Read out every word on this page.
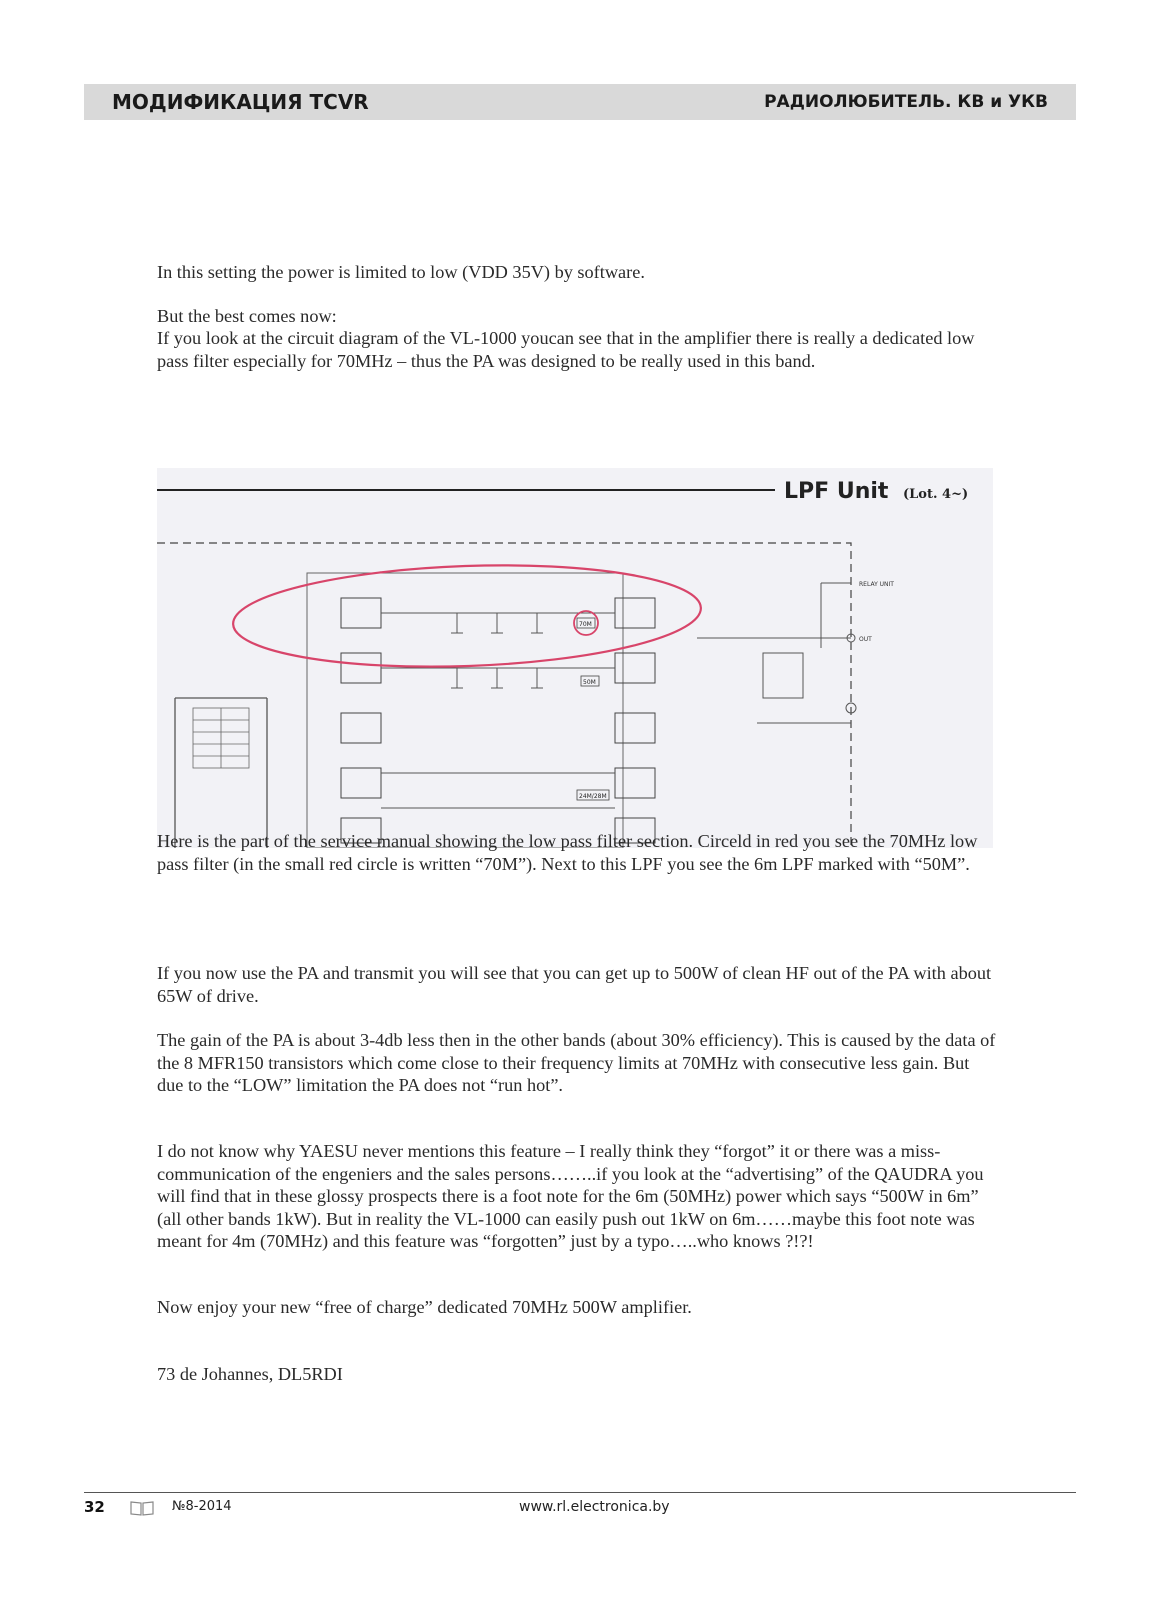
МОДИФИКАЦИЯ TCVR	РАДИОЛЮБИТЕЛЬ. КВ и УКВ

In this setting the power is limited to low (VDD 35V) by software.

But the best comes now:

If you look at the circuit diagram of the VL-1000 youcan see that in the amplifier there is really a dedicated low pass filter especially for 70MHz – thus the PA was designed to be really used in this band.

LPF Unit (Lot. 4~)
70M
50M
24M/28M
RELAY UNIT
OUT

Here is the part of the service manual showing the low pass filter section. Circeld in red you see the 70MHz low pass filter (in the small red circle is written “70M”). Next to this LPF you see the 6m LPF marked with “50M”.

If you now use the PA and transmit you will see that you can get up to 500W of clean HF out of the PA with about 65W of drive.

The gain of the PA is about 3-4db less then in the other bands (about 30% efficiency). This is caused by the data of the 8 MFR150 transistors which come close to their frequency limits at 70MHz with consecutive less gain. But due to the “LOW” limitation the PA does not “run hot”.

I do not know why YAESU never mentions this feature – I really think they “forgot” it or there was a miss-communication of the engeniers and the sales persons……..if you look at the “advertising” of the QAUDRA you will find that in these glossy prospects there is a foot note for the 6m (50MHz) power which says “500W in 6m” (all other bands 1kW). But in reality the VL-1000 can easily push out 1kW on 6m……maybe this foot note was meant for 4m (70MHz) and this feature was “forgotten” just by a typo…..who knows ?!?!

Now enjoy your new “free of charge” dedicated 70MHz 500W amplifier.

73 de Johannes, DL5RDI

32	№8-2014	www.rl.electronica.by
